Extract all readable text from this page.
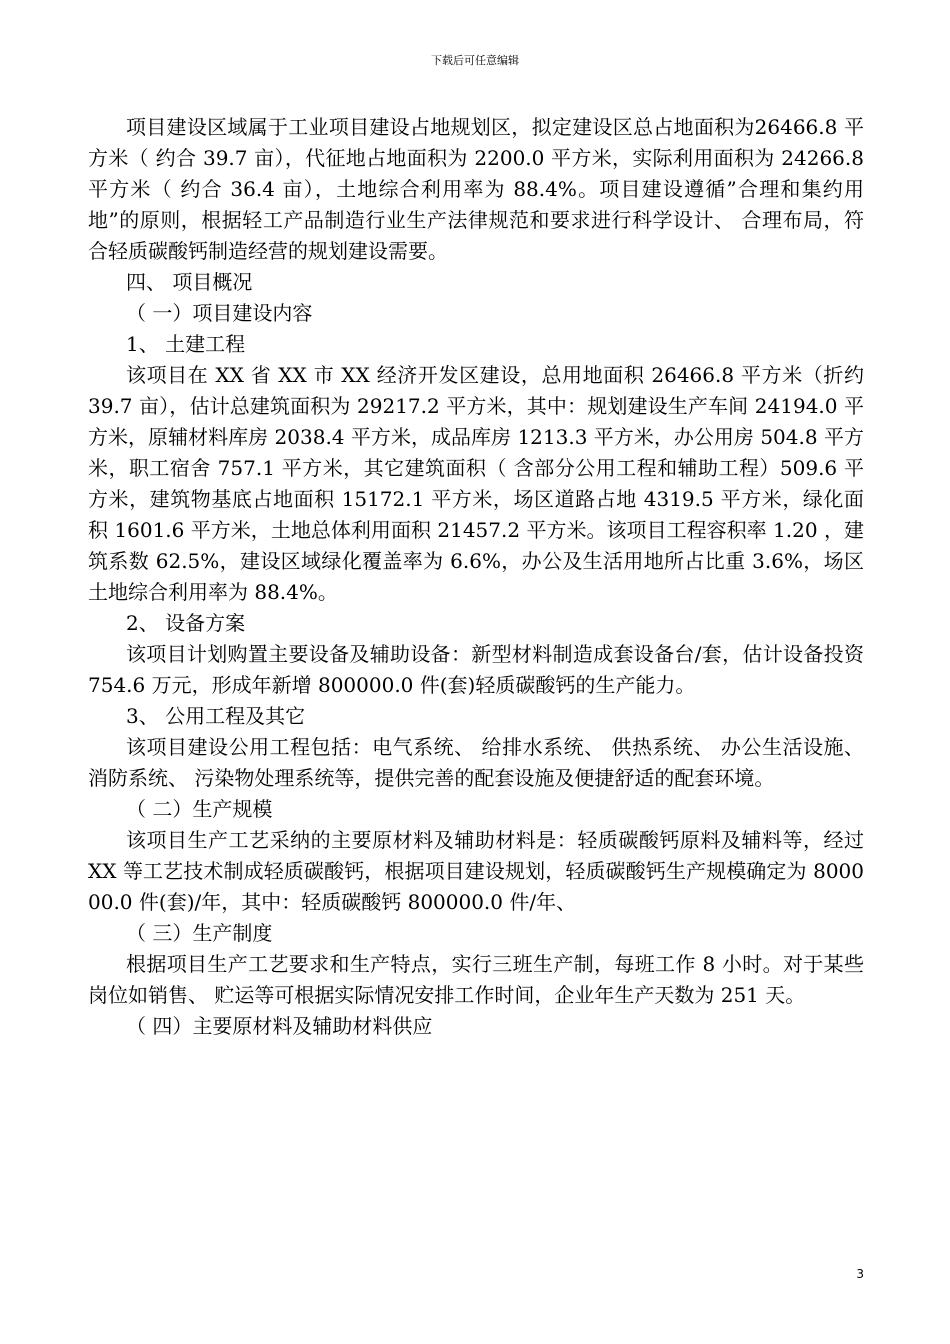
下载后可任意编辑

项目建设区域属于工业项目建设占地规划区，拟定建设区总占地面积为26466.8 平方米（ 约合 39.7 亩），代征地占地面积为 2200.0 平方米，实际利用面积为 24266.8 平方米（ 约合 36.4 亩），土地综合利用率为 88.4%。项目建设遵循”合理和集约用地”的原则，根据轻工产品制造行业生产法律规范和要求进行科学设计、 合理布局，符合轻质碳酸钙制造经营的规划建设需要。

四、 项目概况

（ 一）项目建设内容

1、 土建工程

该项目在 XX 省 XX 市 XX 经济开发区建设，总用地面积 26466.8 平方米（折约 39.7 亩），估计总建筑面积为 29217.2 平方米，其中：规划建设生产车间 24194.0 平方米，原辅材料库房 2038.4 平方米，成品库房 1213.3 平方米，办公用房 504.8 平方米，职工宿舍 757.1 平方米，其它建筑面积（ 含部分公用工程和辅助工程）509.6 平方米，建筑物基底占地面积 15172.1 平方米，场区道路占地 4319.5 平方米，绿化面积 1601.6 平方米，土地总体利用面积 21457.2 平方米。该项目工程容积率 1.20 ，建筑系数 62.5%，建设区域绿化覆盖率为 6.6%，办公及生活用地所占比重 3.6%，场区土地综合利用率为 88.4%。

2、 设备方案

该项目计划购置主要设备及辅助设备：新型材料制造成套设备台/套，估计设备投资 754.6 万元，形成年新增 800000.0 件(套)轻质碳酸钙的生产能力。

3、 公用工程及其它

该项目建设公用工程包括：电气系统、 给排水系统、 供热系统、 办公生活设施、 消防系统、 污染物处理系统等，提供完善的配套设施及便捷舒适的配套环境。

（ 二）生产规模

该项目生产工艺采纳的主要原材料及辅助材料是：轻质碳酸钙原料及辅料等，经过 XX 等工艺技术制成轻质碳酸钙，根据项目建设规划，轻质碳酸钙生产规模确定为 800000.0 件(套)/年，其中：轻质碳酸钙 800000.0 件/年、

（ 三）生产制度

根据项目生产工艺要求和生产特点，实行三班生产制，每班工作 8 小时。对于某些岗位如销售、 贮运等可根据实际情况安排工作时间，企业年生产天数为 251 天。

（ 四）主要原材料及辅助材料供应

3
